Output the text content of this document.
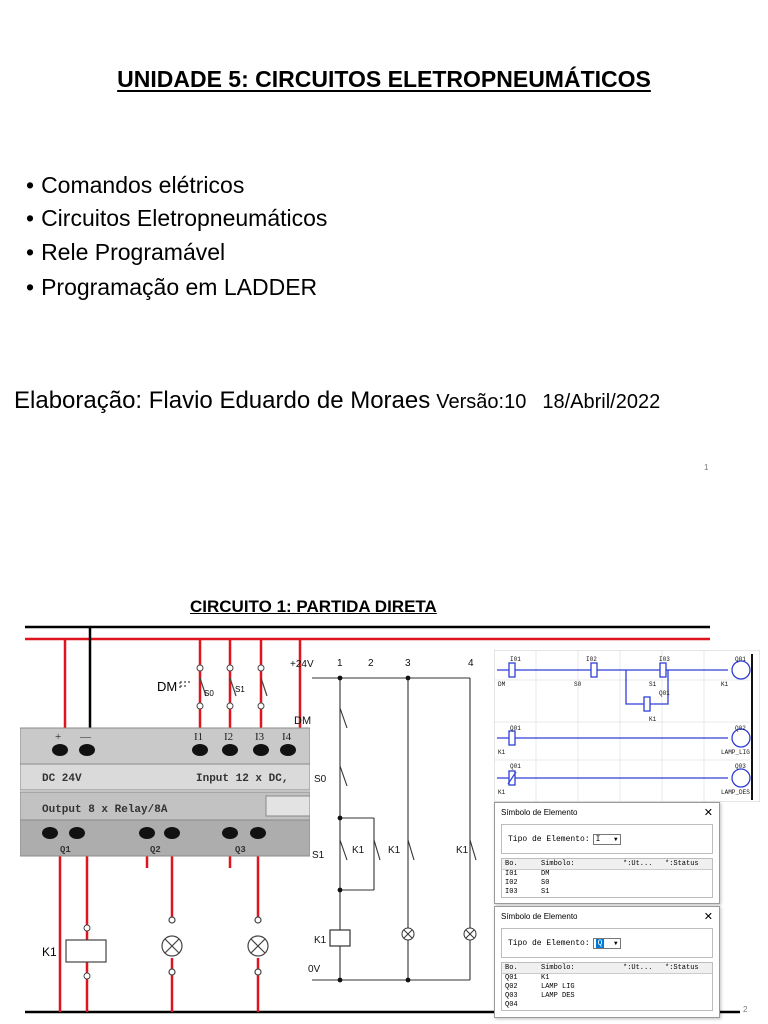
UNIDADE 5: CIRCUITOS ELETROPNEUMÁTICOS
• Comandos elétricos
• Circuitos Eletropneumáticos
• Rele Programável
• Programação em LADDER
Elaboração: Flavio Eduardo de Moraes Versão:10 18/Abril/2022
1
CIRCUITO 1: PARTIDA DIRETA
2
DM	S0	S1
+ —	I1 I2 I3 I4
DC 24V	Input 12 x DC,
Output 8 x Relay/8A
Q1	Q2	Q3
K1
+24V 1	2	3	4
0V
DM
S0
S1	K1 K1	K1
K1
I01	I02	I03	Q01
DM	S0	S1	K1
Q01
K1
Q01	Q02
K1	LAMP_LIG
Q01	Q03
K1	LAMP_DES
Símbolo de Elemento	✕
Tipo de Elemento: I ▼
Bo.	Símbolo:	*:Ut...	*:Status
I01	DM
I02	S0
I03	S1
Símbolo de Elemento	✕
Tipo de Elemento: Q	▼
Bo.	Símbolo:	*:Ut...	*:Status
Q01	K1
Q02	LAMP LIG
Q03	LAMP DES
Q04
